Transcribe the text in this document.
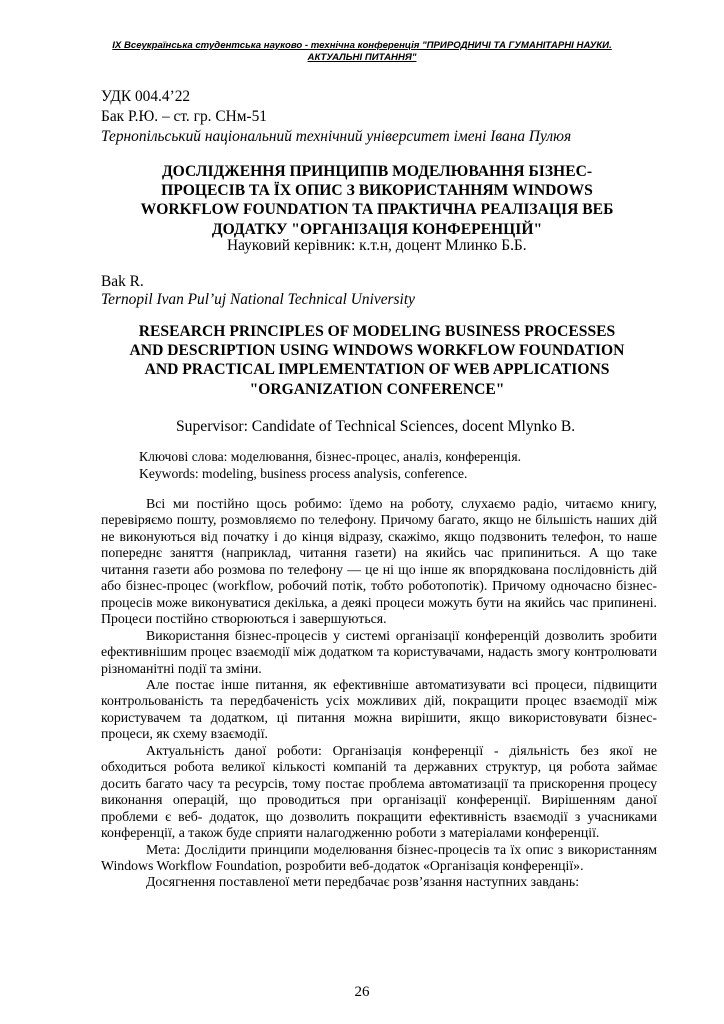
IX Всеукраїнська студентська науково - технічна конференція "ПРИРОДНИЧІ ТА ГУМАНІТАРНІ НАУКИ.
АКТУАЛЬНІ ПИТАННЯ"
УДК 004.4’22
Бак Р.Ю. – ст. гр. СНм-51
Тернопільський національний технічний університет імені Івана Пулюя
ДОСЛІДЖЕННЯ ПРИНЦИПІВ МОДЕЛЮВАННЯ БІЗНЕС-
ПРОЦЕСІВ ТА ЇХ ОПИС З ВИКОРИСТАННЯМ WINDOWS
WORKFLOW FOUNDATION ТА ПРАКТИЧНА РЕАЛІЗАЦІЯ ВЕБ
ДОДАТКУ "ОРГАНІЗАЦІЯ КОНФЕРЕНЦІЙ"
Науковий керівник: к.т.н, доцент Млинко Б.Б.
Bak R.
Ternopil Ivan Pul’uj National Technical University
RESEARCH PRINCIPLES OF MODELING BUSINESS PROCESSES
AND DESCRIPTION USING WINDOWS WORKFLOW FOUNDATION
AND PRACTICAL IMPLEMENTATION OF WEB APPLICATIONS
"ORGANIZATION CONFERENCE"
Supervisor: Candidate of Technical Sciences, docent Mlynko B.
Ключові слова: моделювання, бізнес-процес, аналіз, конференція.
Keywords: modeling, business process analysis, conference.

Всі ми постійно щось робимо: їдемо на роботу, слухаємо радіо, читаємо книгу, перевіряємо пошту, розмовляємо по телефону. Причому багато, якщо не більшість наших дій не виконуються від початку і до кінця відразу, скажімо, якщо подзвонить телефон, то наше попереднє заняття (наприклад, читання газети) на якийсь час припиниться. А що таке читання газети або розмова по телефону — це ні що інше як впорядкована послідовність дій або бізнес-процес (workflow, робочий потік, тобто роботопотік). Причому одночасно бізнес-процесів може виконуватися декілька, а деякі процеси можуть бути на якийсь час припинені. Процеси постійно створюються і завершуються.

Використання бізнес-процесів у системі організації конференцій дозволить зробити ефективнішим процес взаємодії між додатком та користувачами, надасть змогу контролювати різноманітні події та зміни.

Але постає інше питання, як ефективніше автоматизувати всі процеси, підвищити контрольованість та передбаченість усіх можливих дій, покращити процес взаємодії між користувачем та додатком, ці питання можна вирішити, якщо використовувати бізнес-процеси, як схему взаємодії.

Актуальність даної роботи: Організація конференції - діяльність без якої не обходиться робота великої кількості компаній та державних структур, ця робота займає досить багато часу та ресурсів, тому постає проблема автоматизації та прискорення процесу виконання операцій, що проводиться при організації конференції. Вирішенням даної проблеми є веб- додаток, що дозволить покращити ефективність взаємодії з учасниками конференції, а також буде сприяти налагодженню роботи з матеріалами конференції.

Мета: Дослідити принципи моделювання бізнес-процесів та їх опис з використанням Windows Workflow Foundation, розробити веб-додаток «Організація конференції».

Досягнення поставленої мети передбачає розв’язання наступних завдань:

26
